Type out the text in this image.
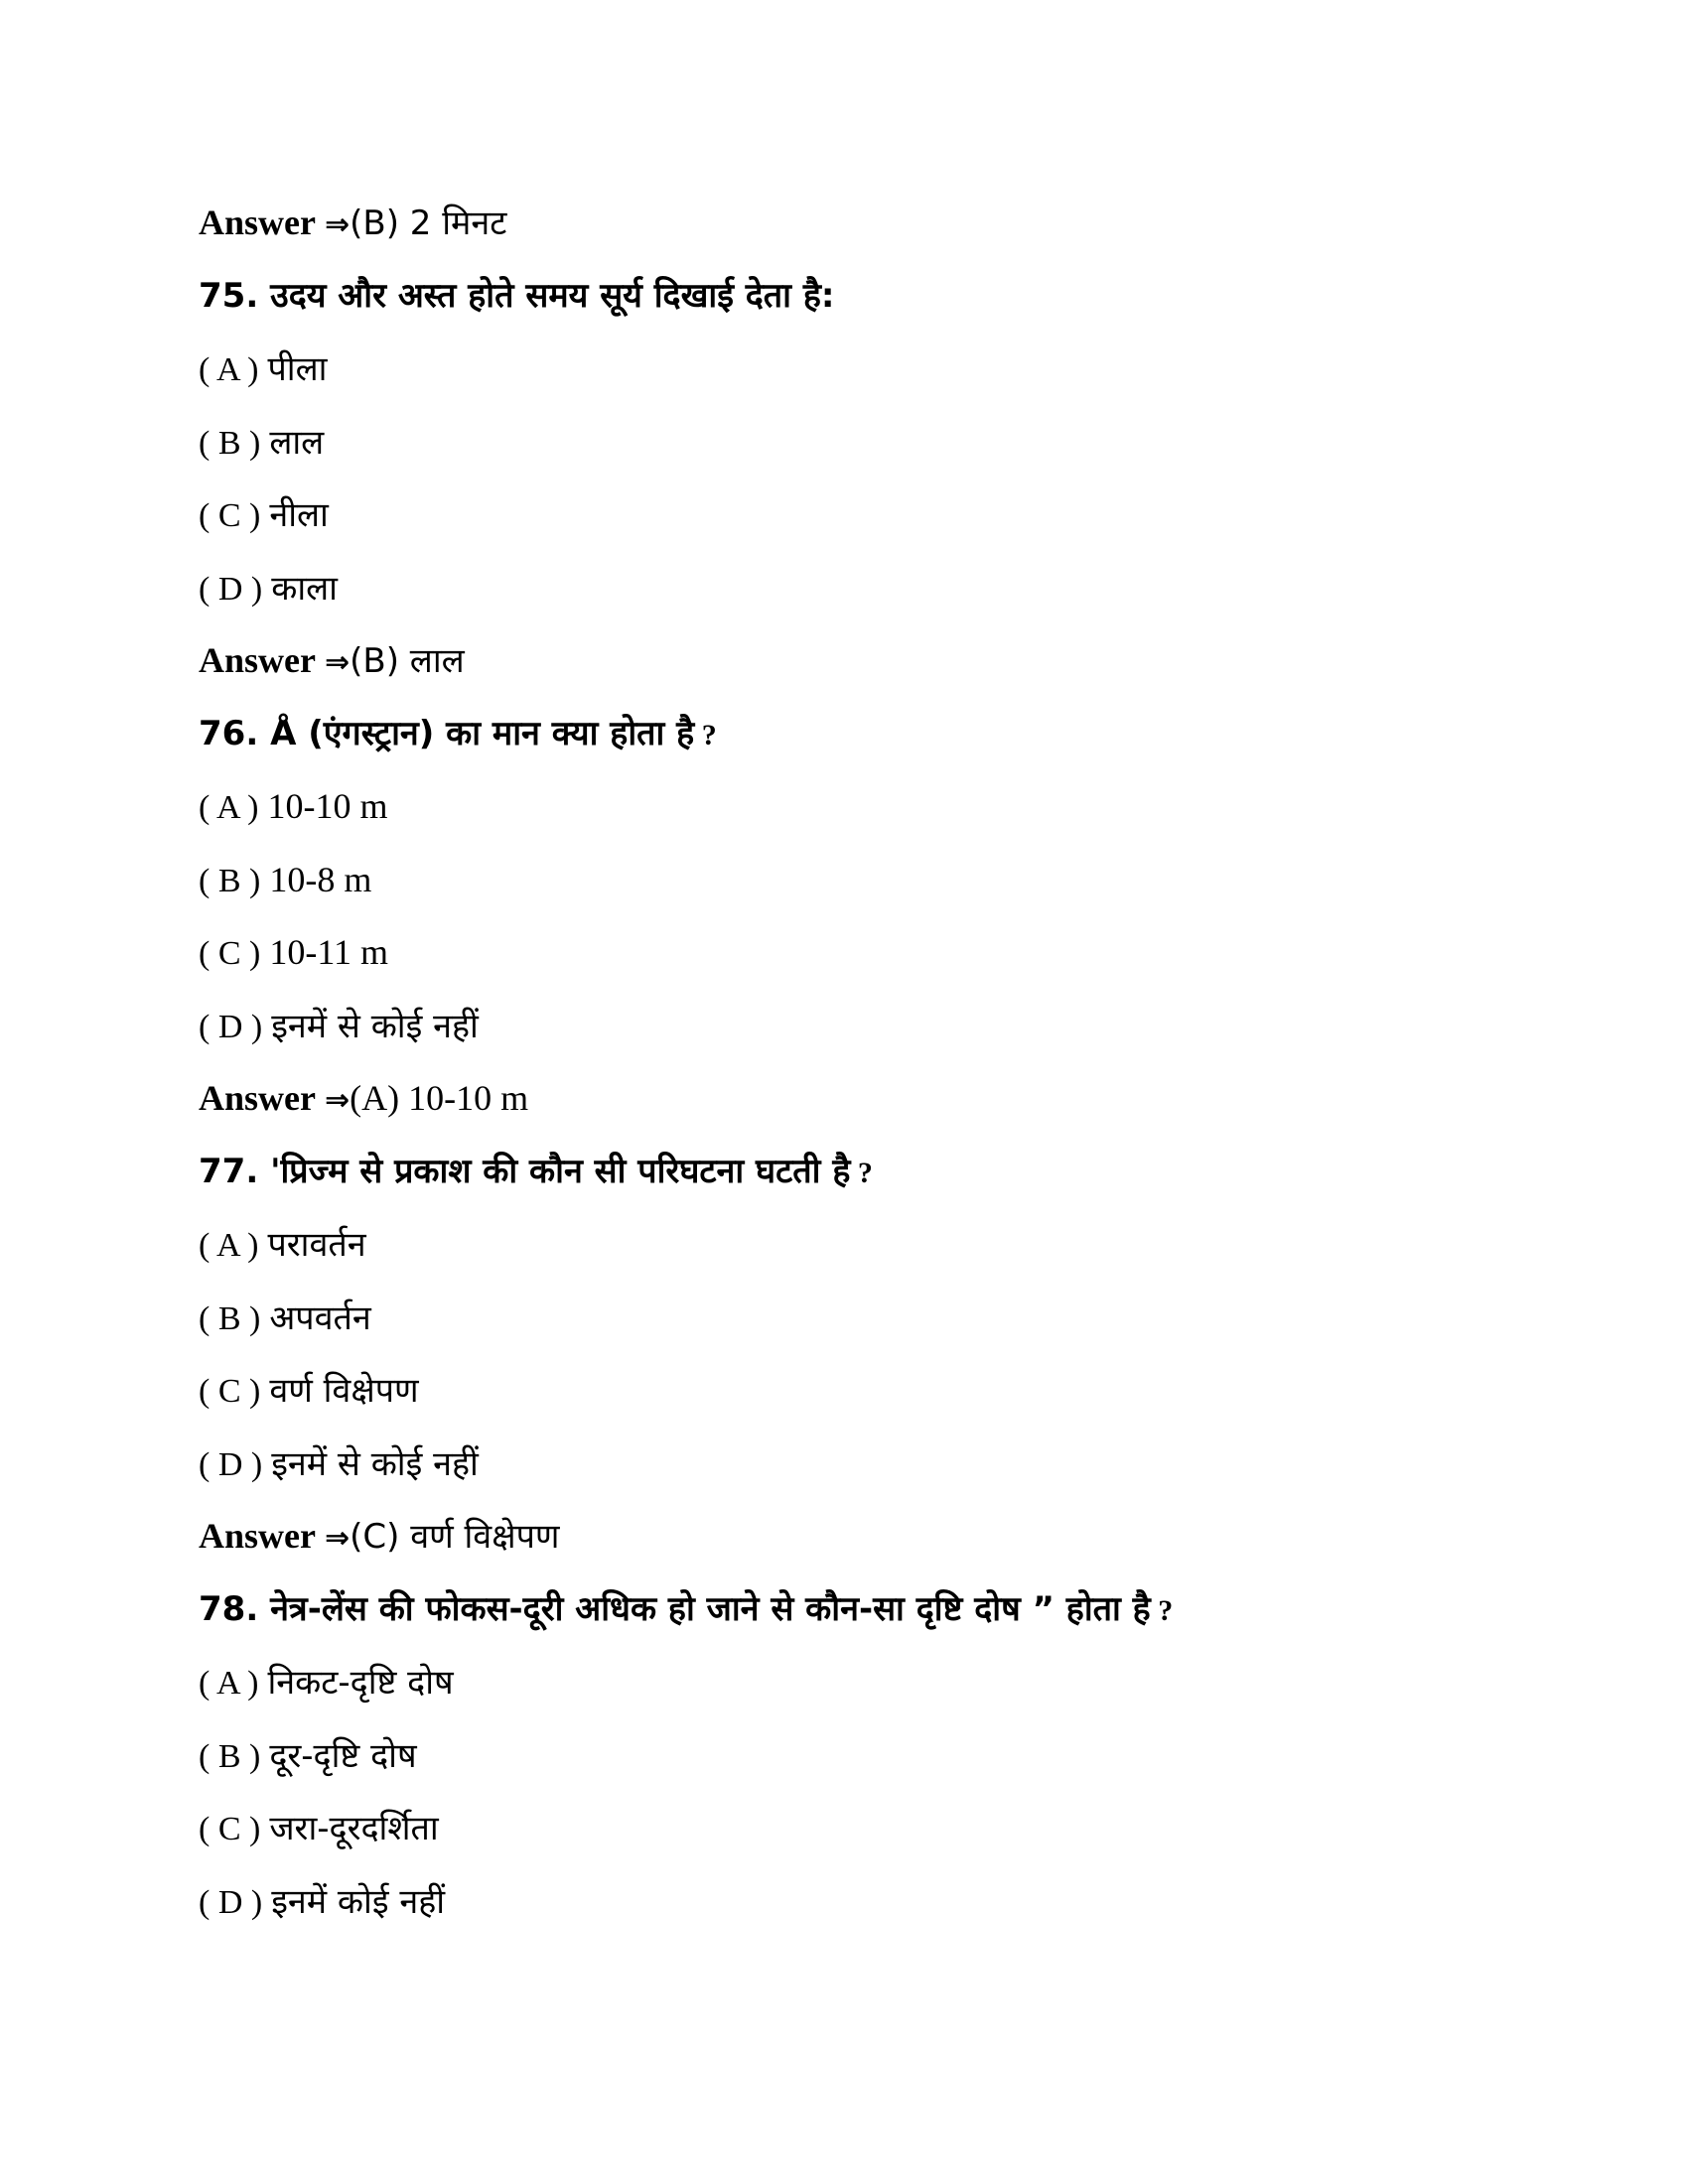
Answer ⇒(B) 2 मिनट
75. उदय और अस्त होते समय सूर्य दिखाई देता है:
( A ) पीला
( B ) लाल
( C ) नीला
( D ) काला
Answer ⇒(B) लाल
76. Å (एंगस्ट्रान) का मान क्या होता है ?
( A ) 10-10 m
( B ) 10-8 m
( C ) 10-11 m
( D ) इनमें से कोई नहीं
Answer ⇒(A) 10-10 m
77. 'प्रिज्म से प्रकाश की कौन सी परिघटना घटती है ?
( A ) परावर्तन
( B ) अपवर्तन
( C ) वर्ण विक्षेपण
( D ) इनमें से कोई नहीं
Answer ⇒(C) वर्ण विक्षेपण
78. नेत्र-लेंस की फोकस-दूरी अधिक हो जाने से कौन-सा दृष्टि दोष ” होता है ?
( A ) निकट-दृष्टि दोष
( B ) दूर-दृष्टि दोष
( C ) जरा-दूरदर्शिता
( D ) इनमें कोई नहीं
